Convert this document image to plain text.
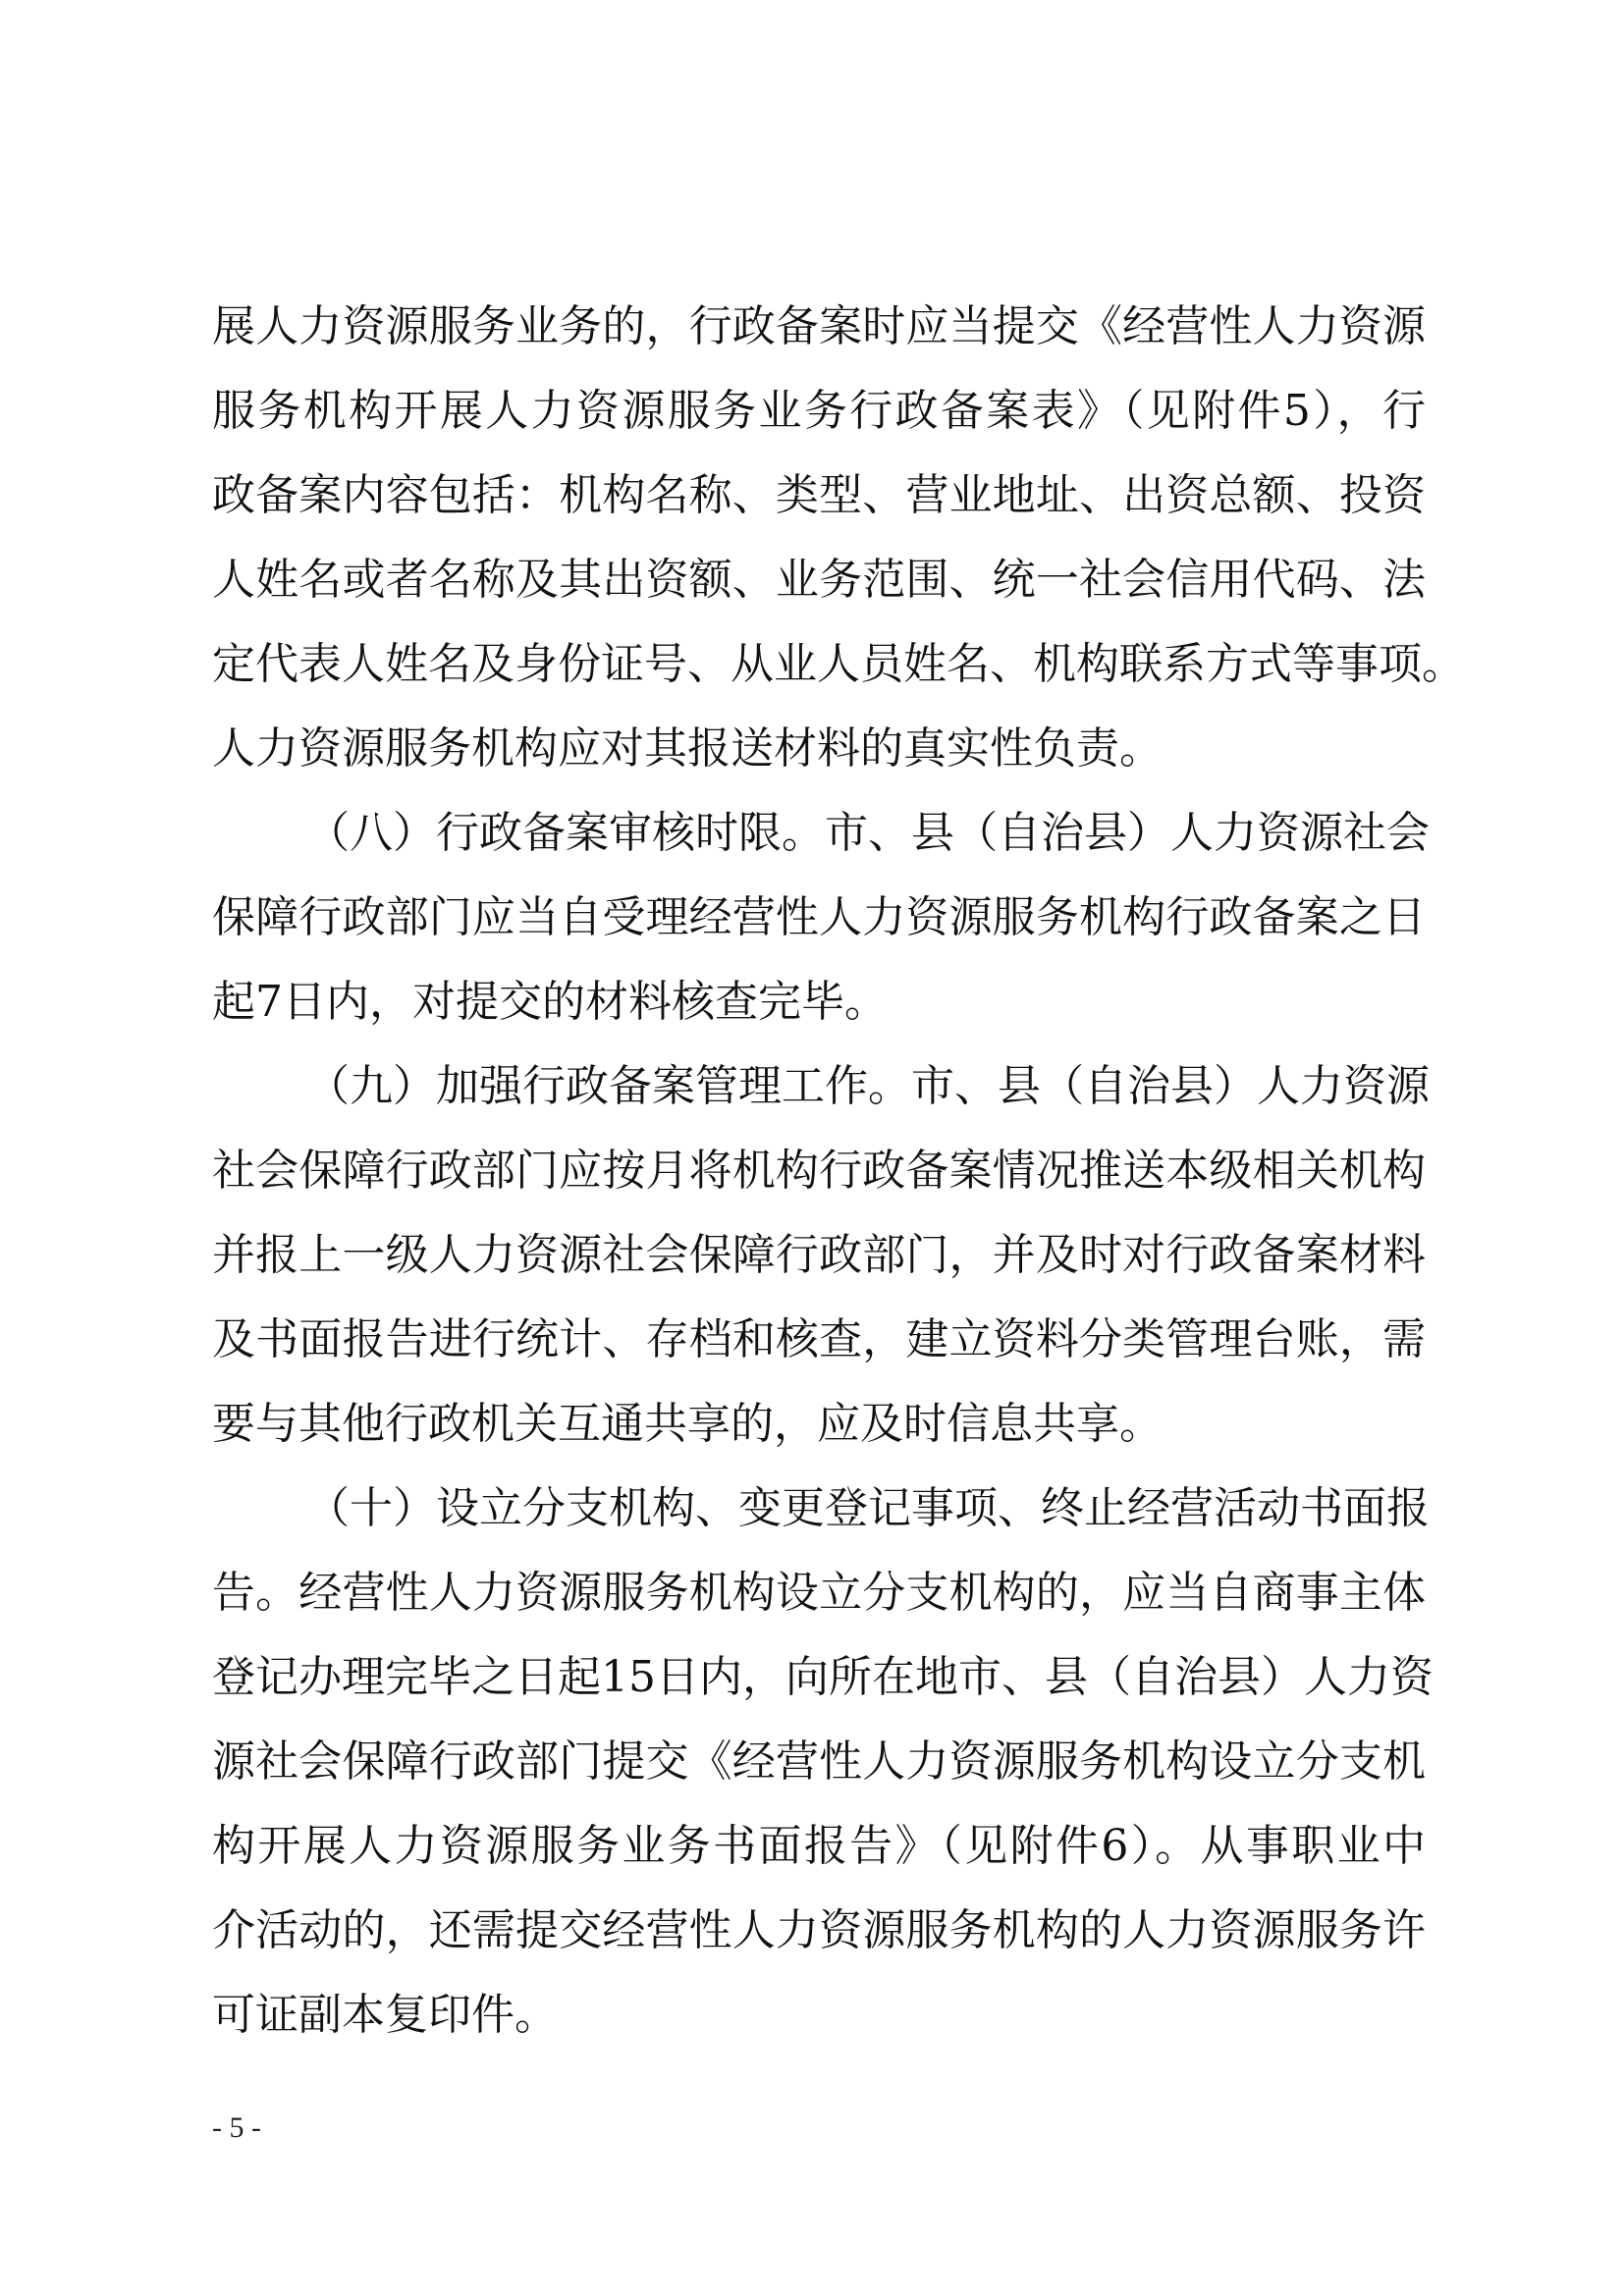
展人力资源服务业务的，行政备案时应当提交《经营性人力资源
服务机构开展人力资源服务业务行政备案表》（见附件5），行
政备案内容包括：机构名称、类型、营业地址、出资总额、投资
人姓名或者名称及其出资额、业务范围、统一社会信用代码、法
定代表人姓名及身份证号、从业人员姓名、机构联系方式等事项。
人力资源服务机构应对其报送材料的真实性负责。
（八）行政备案审核时限。市、县（自治县）人力资源社会
保障行政部门应当自受理经营性人力资源服务机构行政备案之日
起7日内，对提交的材料核查完毕。
（九）加强行政备案管理工作。市、县（自治县）人力资源
社会保障行政部门应按月将机构行政备案情况推送本级相关机构
并报上一级人力资源社会保障行政部门，并及时对行政备案材料
及书面报告进行统计、存档和核查，建立资料分类管理台账，需
要与其他行政机关互通共享的，应及时信息共享。
（十）设立分支机构、变更登记事项、终止经营活动书面报
告。经营性人力资源服务机构设立分支机构的，应当自商事主体
登记办理完毕之日起15日内，向所在地市、县（自治县）人力资
源社会保障行政部门提交《经营性人力资源服务机构设立分支机
构开展人力资源服务业务书面报告》（见附件6）。从事职业中
介活动的，还需提交经营性人力资源服务机构的人力资源服务许
可证副本复印件。
- 5 -
